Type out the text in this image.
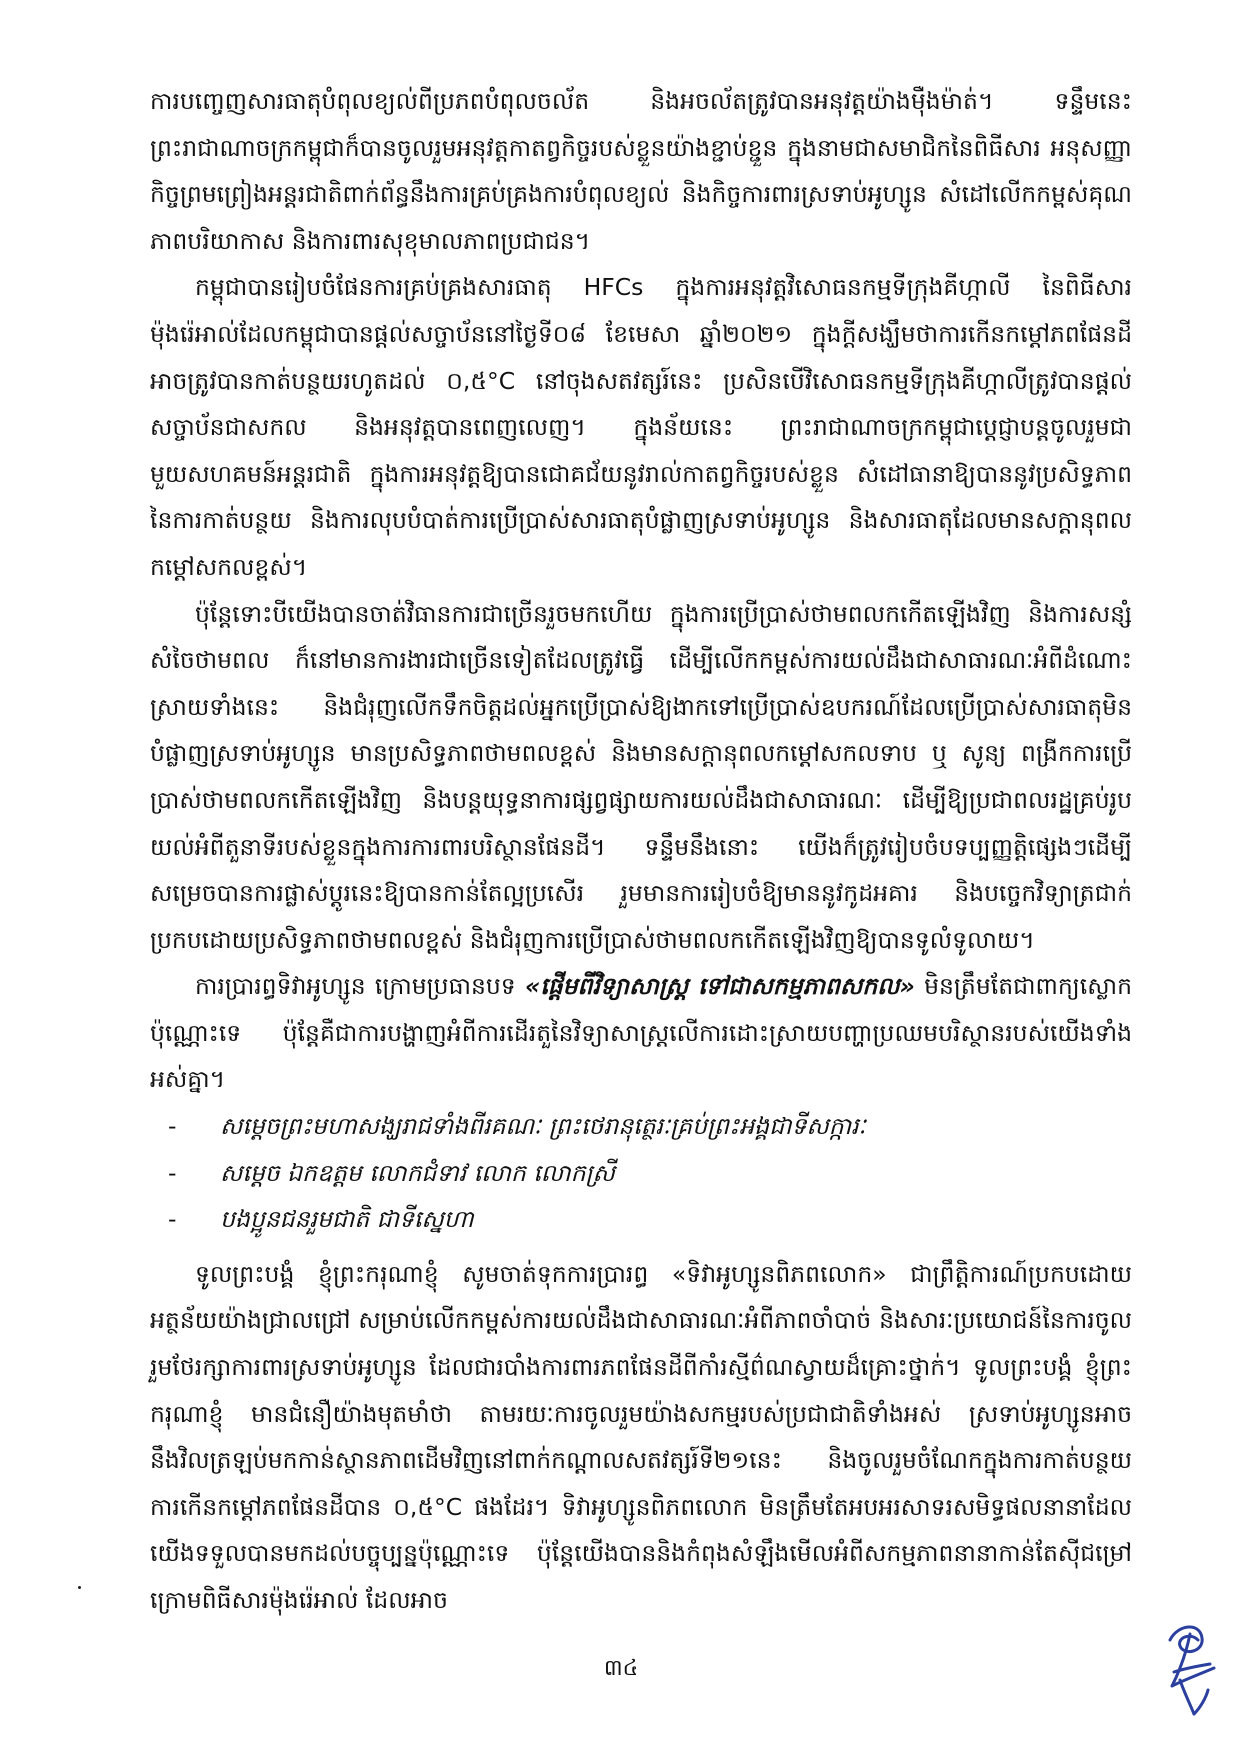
ការបញ្ចេញសារធាតុបំពុលខ្យល់ពីប្រភពបំពុលចល័ត និងអចល័តត្រូវបានអនុវត្តយ៉ាងម៉ឺងម៉ាត់។ ទន្ទឹមនេះ ព្រះរាជាណាចក្រកម្ពុជាក៏បានចូលរួមអនុវត្តកាតព្វកិច្ចរបស់ខ្លួនយ៉ាងខ្ជាប់ខ្ជួន ក្នុងនាមជាសមាជិកនៃពិធីសារ អនុសញ្ញា កិច្ចព្រមព្រៀងអន្តរជាតិពាក់ព័ន្ធនឹងការគ្រប់គ្រងការបំពុលខ្យល់ និងកិច្ចការពារស្រទាប់អូហ្សូន សំដៅលើកកម្ពស់គុណភាពបរិយាកាស និងការពារសុខុមាលភាពប្រជាជន។

កម្ពុជាបានរៀបចំផែនការគ្រប់គ្រងសារធាតុ HFCs ក្នុងការអនុវត្តវិសោធនកម្មទីក្រុងគីហ្កាលី នៃពិធីសារម៉ុងរ៉េអាល់ដែលកម្ពុជាបានផ្តល់សច្ចាប័ននៅថ្ងៃទី០៨ ខែមេសា ឆ្នាំ២០២១ ក្នុងក្តីសង្ឃឹមថាការកើនកម្តៅភពផែនដីអាចត្រូវបានកាត់បន្ថយរហូតដល់ ០,៥°C នៅចុងសតវត្សរ៍នេះ ប្រសិនបើវិសោធនកម្មទីក្រុងគីហ្កាលីត្រូវបានផ្តល់សច្ចាប័នជាសកល និងអនុវត្តបានពេញលេញ។ ក្នុងន័យនេះ ព្រះរាជាណាចក្រកម្ពុជាប្តេជ្ញាបន្តចូលរួមជាមួយសហគមន៍អន្តរជាតិ ក្នុងការអនុវត្តឱ្យបានជោគជ័យនូវរាល់កាតព្វកិច្ចរបស់ខ្លួន សំដៅធានាឱ្យបាននូវប្រសិទ្ធភាពនៃការកាត់បន្ថយ និងការលុបបំបាត់ការប្រើប្រាស់សារធាតុបំផ្លាញស្រទាប់អូហ្សូន និងសារធាតុដែលមានសក្តានុពលកម្តៅសកលខ្ពស់។

ប៉ុន្តែទោះបីយើងបានចាត់វិធានការជាច្រើនរួចមកហើយ ក្នុងការប្រើប្រាស់ថាមពលកកើតឡើងវិញ និងការសន្សំសំចៃថាមពល ក៏នៅមានការងារជាច្រើនទៀតដែលត្រូវធ្វើ ដើម្បីលើកកម្ពស់ការយល់ដឹងជាសាធារណៈអំពីដំណោះស្រាយទាំងនេះ និងជំរុញលើកទឹកចិត្តដល់អ្នកប្រើប្រាស់ឱ្យងាកទៅប្រើប្រាស់ឧបករណ៍ដែលប្រើប្រាស់សារធាតុមិនបំផ្លាញស្រទាប់អូហ្សូន មានប្រសិទ្ធភាពថាមពលខ្ពស់ និងមានសក្តានុពលកម្តៅសកលទាប ឬ សូន្យ ពង្រីកការប្រើប្រាស់ថាមពលកកើតឡើងវិញ និងបន្តយុទ្ធនាការផ្សព្វផ្សាយការយល់ដឹងជាសាធារណៈ ដើម្បីឱ្យប្រជាពលរដ្ឋគ្រប់រូបយល់អំពីតួនាទីរបស់ខ្លួនក្នុងការការពារបរិស្ថានផែនដី។ ទន្ទឹមនឹងនោះ យើងក៏ត្រូវរៀបចំបទប្បញ្ញត្តិផ្សេងៗដើម្បីសម្រេចបានការផ្លាស់ប្តូរនេះឱ្យបានកាន់តែល្អប្រសើរ រួមមានការរៀបចំឱ្យមាននូវកូដអគារ និងបច្ចេកវិទ្យាត្រជាក់ប្រកបដោយប្រសិទ្ធភាពថាមពលខ្ពស់ និងជំរុញការប្រើប្រាស់ថាមពលកកើតឡើងវិញឱ្យបានទូលំទូលាយ។

ការប្រារព្ធទិវាអូហ្សូន ក្រោមប្រធានបទ «ផ្តើមពីវិទ្យាសាស្ត្រ ទៅជាសកម្មភាពសកល» មិនត្រឹមតែជាពាក្យស្លោកប៉ុណ្ណោះទេ ប៉ុន្តែគឺជាការបង្ហាញអំពីការដើរតួនៃវិទ្យាសាស្ត្រលើការដោះស្រាយបញ្ហាប្រឈមបរិស្ថានរបស់យើងទាំងអស់គ្នា។

- សម្តេចព្រះមហាសង្ឃរាជទាំងពីរគណៈ ព្រះថេរានុត្ថេរៈគ្រប់ព្រះអង្គជាទីសក្ការៈ
- សម្តេច ឯកឧត្តម លោកជំទាវ លោក លោកស្រី
- បងប្អូនជនរួមជាតិ ជាទីស្នេហា

ទូលព្រះបង្គំ ខ្ញុំព្រះករុណាខ្ញុំ សូមចាត់ទុកការប្រារព្ធ «ទិវាអូហ្សូនពិភពលោក» ជាព្រឹត្តិការណ៍ប្រកបដោយអត្ថន័យយ៉ាងជ្រាលជ្រៅ សម្រាប់លើកកម្ពស់ការយល់ដឹងជាសាធារណៈអំពីភាពចាំបាច់ និងសារៈប្រយោជន៍នៃការចូលរួមថែរក្សាការពារស្រទាប់អូហ្សូន ដែលជារបាំងការពារភពផែនដីពីកាំរស្មីព៌ណស្វាយដ៏គ្រោះថ្នាក់។ ទូលព្រះបង្គំ ខ្ញុំព្រះករុណាខ្ញុំ មានជំនឿយ៉ាងមុតមាំថា តាមរយៈការចូលរួមយ៉ាងសកម្មរបស់ប្រជាជាតិទាំងអស់ ស្រទាប់អូហ្សូនអាចនឹងវិលត្រឡប់មកកាន់ស្ថានភាពដើមវិញនៅពាក់កណ្តាលសតវត្សរ៍ទី២១នេះ និងចូលរួមចំណែកក្នុងការកាត់បន្ថយការកើនកម្តៅភពផែនដីបាន ០,៥°C ផងដែរ។ ទិវាអូហ្សូនពិភពលោក មិនត្រឹមតែអបអរសាទរសមិទ្ធផលនានាដែលយើងទទួលបានមកដល់បច្ចុប្បន្នប៉ុណ្ណោះទេ ប៉ុន្តែយើងបាននិងកំពុងសំឡឹងមើលអំពីសកម្មភាពនានាកាន់តែស៊ីជម្រៅក្រោមពិធីសារម៉ុងរ៉េអាល់ ដែលអាច

៣៤
